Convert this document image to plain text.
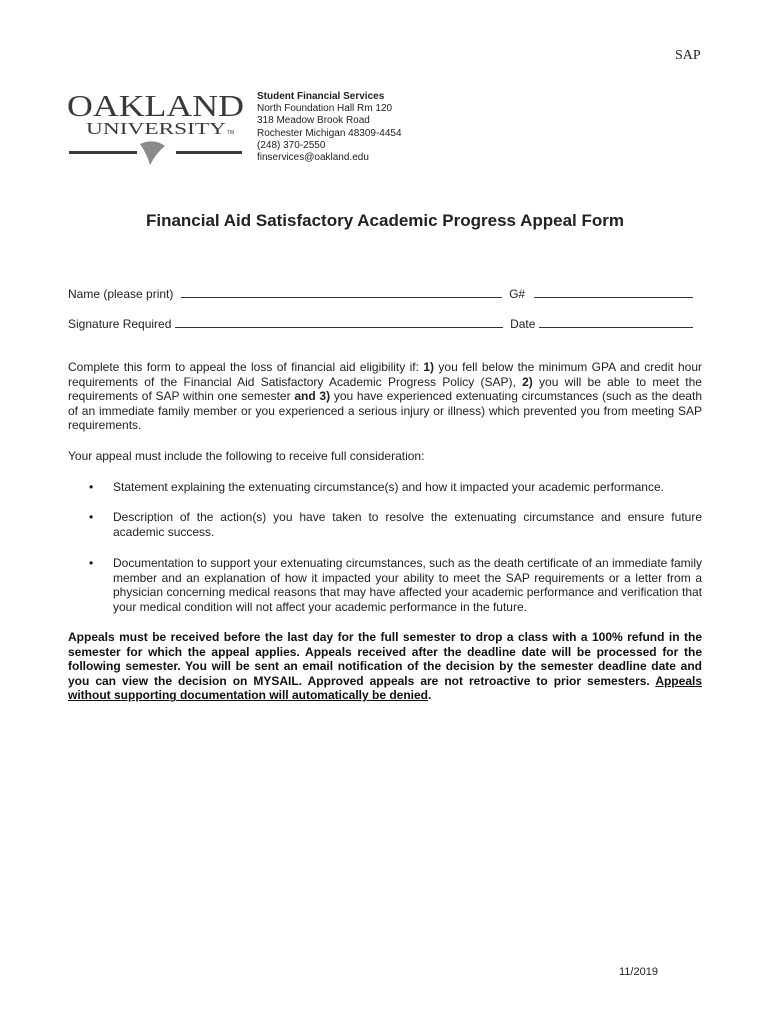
SAP
OAKLAND
UNIVERSITY TM
Student Financial Services
North Foundation Hall Rm 120
318 Meadow Brook Road
Rochester Michigan 48309-4454
(248) 370-2550
finservices@oakland.edu
Financial Aid Satisfactory Academic Progress Appeal Form
Name (please print)	G#
Signature Required	Date
Complete this form to appeal the loss of financial aid eligibility if: 1) you fell below the minimum GPA and credit hour requirements of the Financial Aid Satisfactory Academic Progress Policy (SAP), 2) you will be able to meet the requirements of SAP within one semester and 3) you have experienced extenuating circumstances (such as the death of an immediate family member or you experienced a serious injury or illness) which prevented you from meeting SAP requirements.
Your appeal must include the following to receive full consideration:
• Statement explaining the extenuating circumstance(s) and how it impacted your academic performance.
• Description of the action(s) you have taken to resolve the extenuating circumstance and ensure future academic success.
• Documentation to support your extenuating circumstances, such as the death certificate of an immediate family member and an explanation of how it impacted your ability to meet the SAP requirements or a letter from a physician concerning medical reasons that may have affected your academic performance and verification that your medical condition will not affect your academic performance in the future.
Appeals must be received before the last day for the full semester to drop a class with a 100% refund in the semester for which the appeal applies. Appeals received after the deadline date will be processed for the following semester. You will be sent an email notification of the decision by the semester deadline date and you can view the decision on MYSAIL. Approved appeals are not retroactive to prior semesters. Appeals without supporting documentation will automatically be denied.
11/2019
